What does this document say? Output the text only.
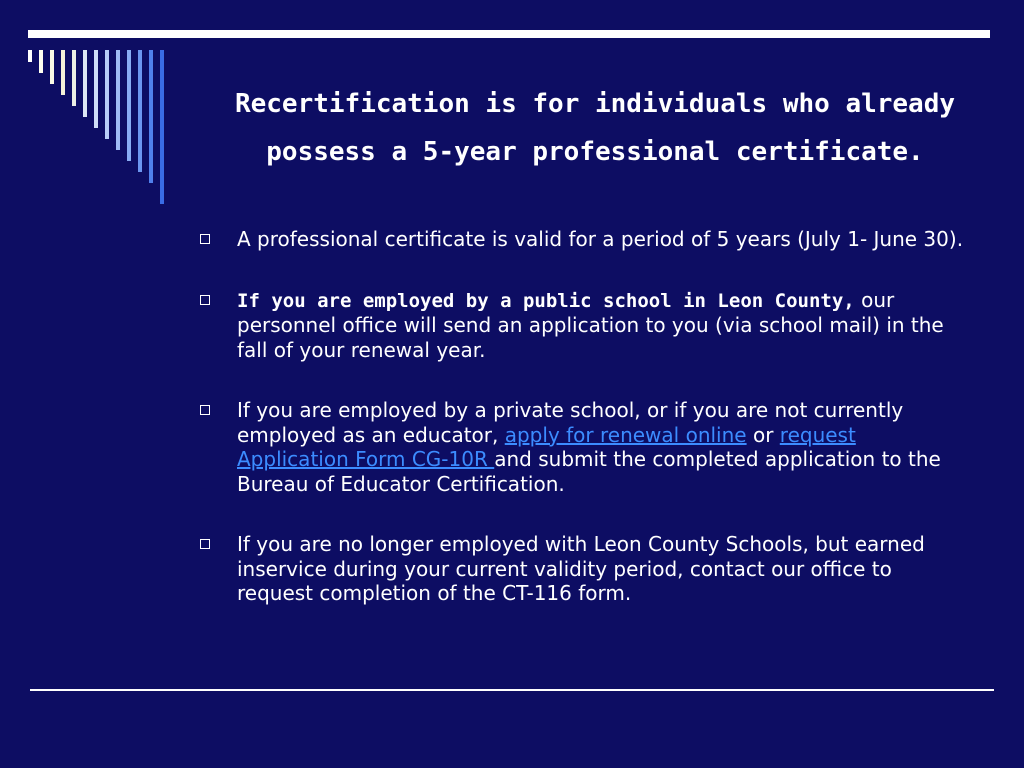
Recertification is for individuals who already possess a 5-year professional certificate.
A professional certificate is valid for a period of 5 years (July 1- June 30).
If you are employed by a public school in Leon County, our personnel office will send an application to you (via school mail) in the fall of your renewal year.
If you are employed by a private school, or if you are not currently employed as an educator, apply for renewal online or request Application Form CG-10R and submit the completed application to the Bureau of Educator Certification.
If you are no longer employed with Leon County Schools, but earned inservice during your current validity period, contact our office to request completion of the CT-116 form.
